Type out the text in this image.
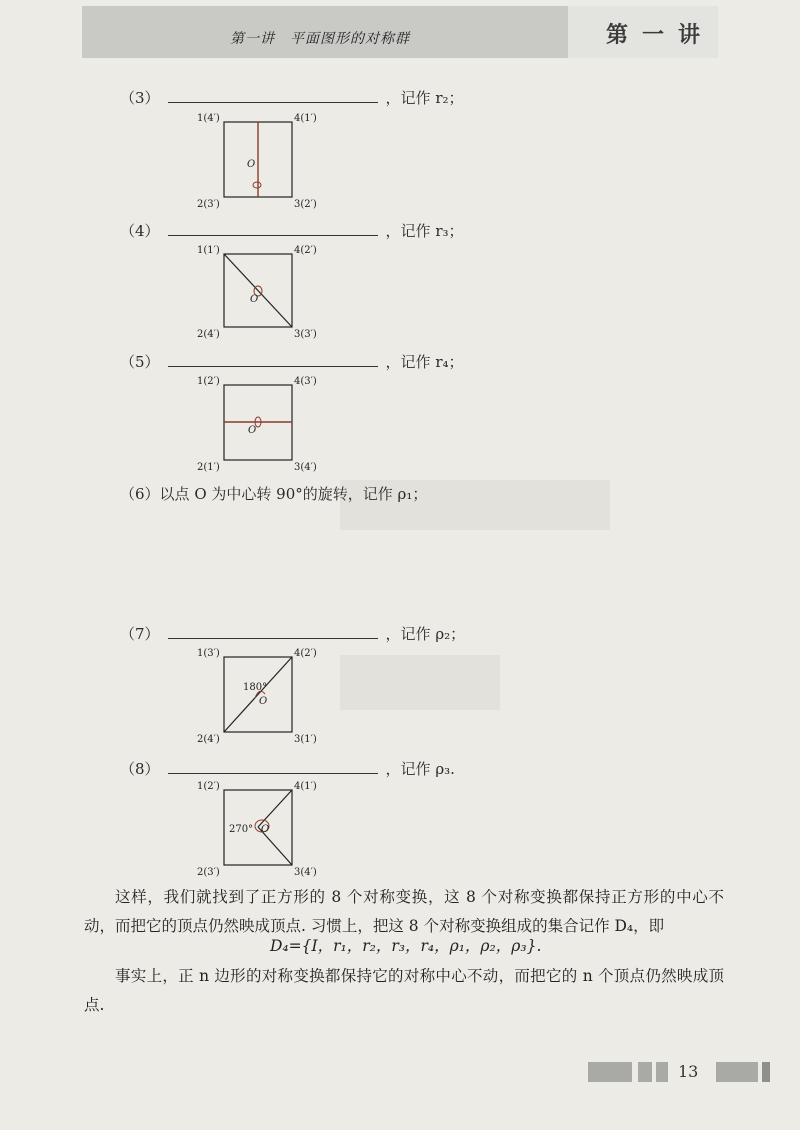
第一讲　平面图形的对称群	第一讲
（3）	，记作 r₂；
1(4′)	4(1′)
2(3′)	3(2′)
O
（4）	，记作 r₃；
1(1′)	4(2′)
2(4′)	3(3′)
O
（5）	，记作 r₄；
1(2′)	4(3′)
2(1′)	3(4′)
O
（6）以点 O 为中心转 90°的旋转，记作 ρ₁；
（7）	，记作 ρ₂；
1(3′)	4(2′)
2(4′)	3(1′)
180°
O
（8）	，记作 ρ₃.
1(2′)	4(1′)
2(3′)	3(4′)
270° O
这样，我们就找到了正方形的 8 个对称变换，这 8 个对称变换都保持正方形的中心不动，而把它的顶点仍然映成顶点. 习惯上，把这 8 个对称变换组成的集合记作 D₄，即
D₄={I，r₁，r₂，r₃，r₄，ρ₁，ρ₂，ρ₃}.
事实上，正 n 边形的对称变换都保持它的对称中心不动，而把它的 n 个顶点仍然映成顶点.
13
